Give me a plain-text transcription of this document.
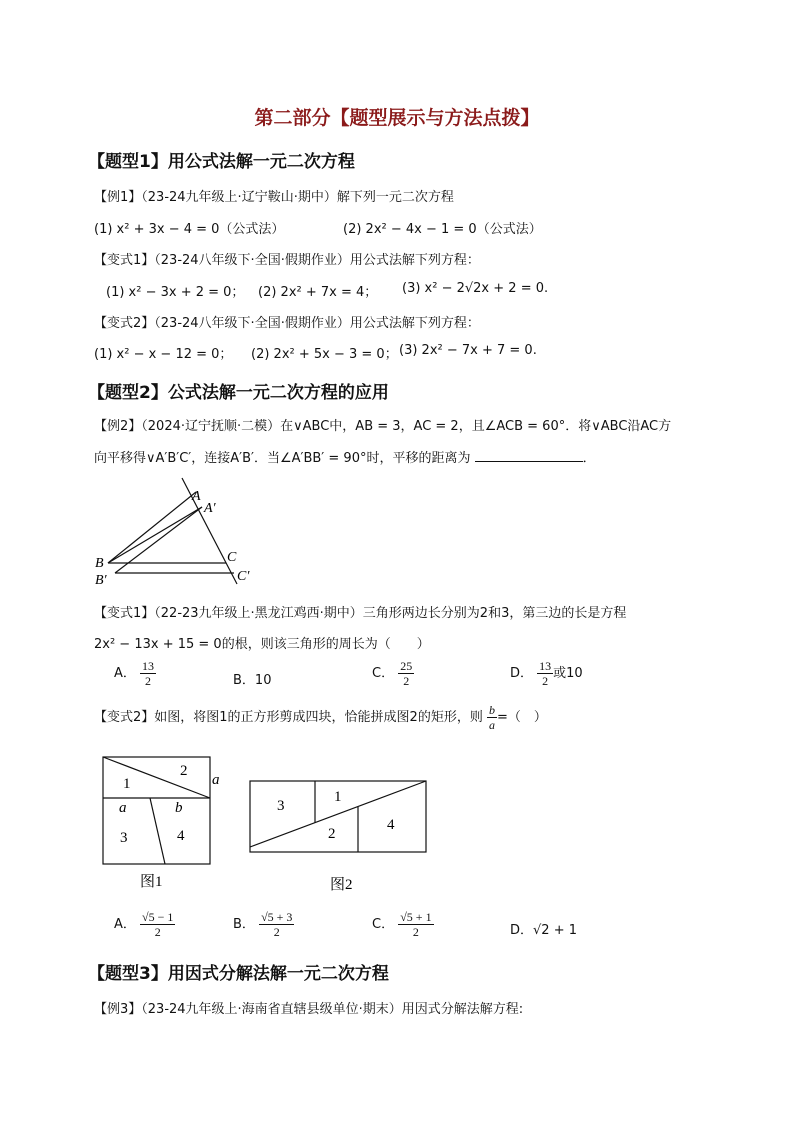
第二部分【题型展示与方法点拨】
【题型1】用公式法解一元二次方程
【例1】（23-24九年级上·辽宁鞍山·期中）解下列一元二次方程
(1) x² + 3x − 4 = 0（公式法）	(2) 2x² − 4x − 1 = 0（公式法）
【变式1】（23-24八年级下·全国·假期作业）用公式法解下列方程：
(1) x² − 3x + 2 = 0； (2) 2x² + 7x = 4； (3) x² − 2√2x + 2 = 0.
【变式2】（23-24八年级下·全国·假期作业）用公式法解下列方程：
(1) x² − x − 12 = 0； (2) 2x² + 5x − 3 = 0； (3) 2x² − 7x + 7 = 0.
【题型2】公式法解一元二次方程的应用
【例2】（2024·辽宁抚顺·二模）在∨ABC中，AB = 3，AC = 2，且∠ACB = 60°．将∨ABC沿AC方
向平移得∨A′B′C′，连接A′B′．当∠A′BB′ = 90°时，平移的距离为	．
A
A′
B
B′
C
C′
【变式1】（22-23九年级上·黑龙江鸡西·期中）三角形两边长分别为2和3，第三边的长是方程
2x² − 13x + 15 = 0的根，则该三角形的周长为（　　）
A． $\frac{13}{2}$	B．10	C． $\frac{25}{2}$	D． $\frac{13}{2}$ 或10
【变式2】如图，将图1的正方形剪成四块，恰能拼成图2的矩形，则 $\frac{b}{a}$ =（　）
1
2
3	4
a
a	b
图1
3
1
2
4
图2
A． $\frac{√5 - 1}{2}$	B． $\frac{√5 + 3}{2}$	C． $\frac{√5 + 1}{2}$	D．√2 + 1
【题型3】用因式分解法解一元二次方程
【例3】（23-24九年级上·海南省直辖县级单位·期末）用因式分解法解方程:
